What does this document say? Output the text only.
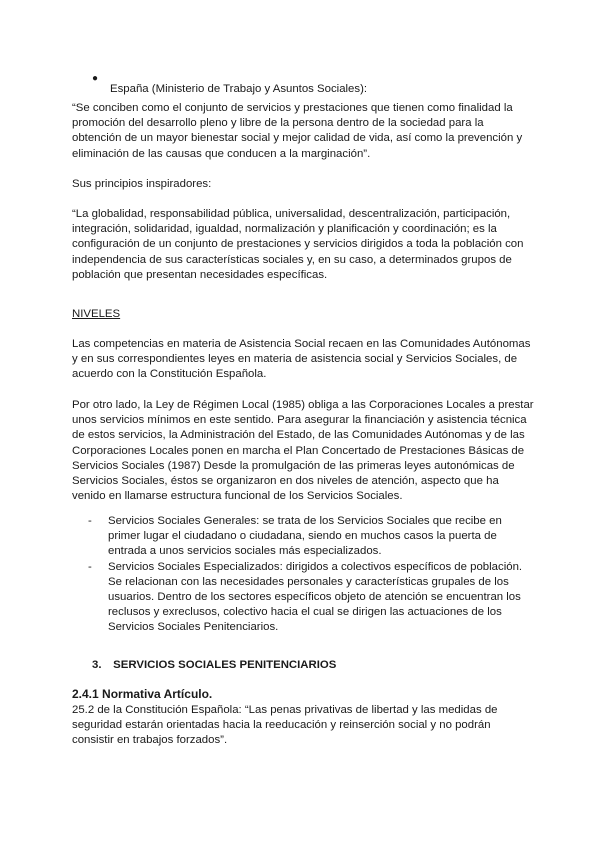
●

España (Ministerio de Trabajo y Asuntos Sociales):

“Se conciben como el conjunto de servicios y prestaciones que tienen como finalidad la promoción del desarrollo pleno y libre de la persona dentro de la sociedad para la obtención de un mayor bienestar social y mejor calidad de vida, así como la prevención y eliminación de las causas que conducen a la marginación”.

Sus principios inspiradores:

“La globalidad, responsabilidad pública, universalidad, descentralización, participación, integración, solidaridad, igualdad, normalización y planificación y coordinación; es la configuración de un conjunto de prestaciones y servicios dirigidos a toda la población con independencia de sus características sociales y, en su caso, a determinados grupos de población que presentan necesidades específicas.

NIVELES

Las competencias en materia de Asistencia Social recaen en las Comunidades Autónomas y en sus correspondientes leyes en materia de asistencia social y Servicios Sociales, de acuerdo con la Constitución Española.

Por otro lado, la Ley de Régimen Local (1985) obliga a las Corporaciones Locales a prestar unos servicios mínimos en este sentido. Para asegurar la financiación y asistencia técnica de estos servicios, la Administración del Estado, de las Comunidades Autónomas y de las Corporaciones Locales ponen en marcha el Plan Concertado de Prestaciones Básicas de Servicios Sociales (1987) Desde la promulgación de las primeras leyes autonómicas de Servicios Sociales, éstos se organizaron en dos niveles de atención, aspecto que ha venido en llamarse estructura funcional de los Servicios Sociales.

- Servicios Sociales Generales: se trata de los Servicios Sociales que recibe en primer lugar el ciudadano o ciudadana, siendo en muchos casos la puerta de entrada a unos servicios sociales más especializados.

- Servicios Sociales Especializados: dirigidos a colectivos específicos de población. Se relacionan con las necesidades personales y características grupales de los usuarios. Dentro de los sectores específicos objeto de atención se encuentran los reclusos y exreclusos, colectivo hacia el cual se dirigen las actuaciones de los Servicios Sociales Penitenciarios.

3. SERVICIOS SOCIALES PENITENCIARIOS

2.4.1 Normativa Artículo.

25.2 de la Constitución Española: “Las penas privativas de libertad y las medidas de seguridad estarán orientadas hacia la reeducación y reinserción social y no podrán consistir en trabajos forzados”.
